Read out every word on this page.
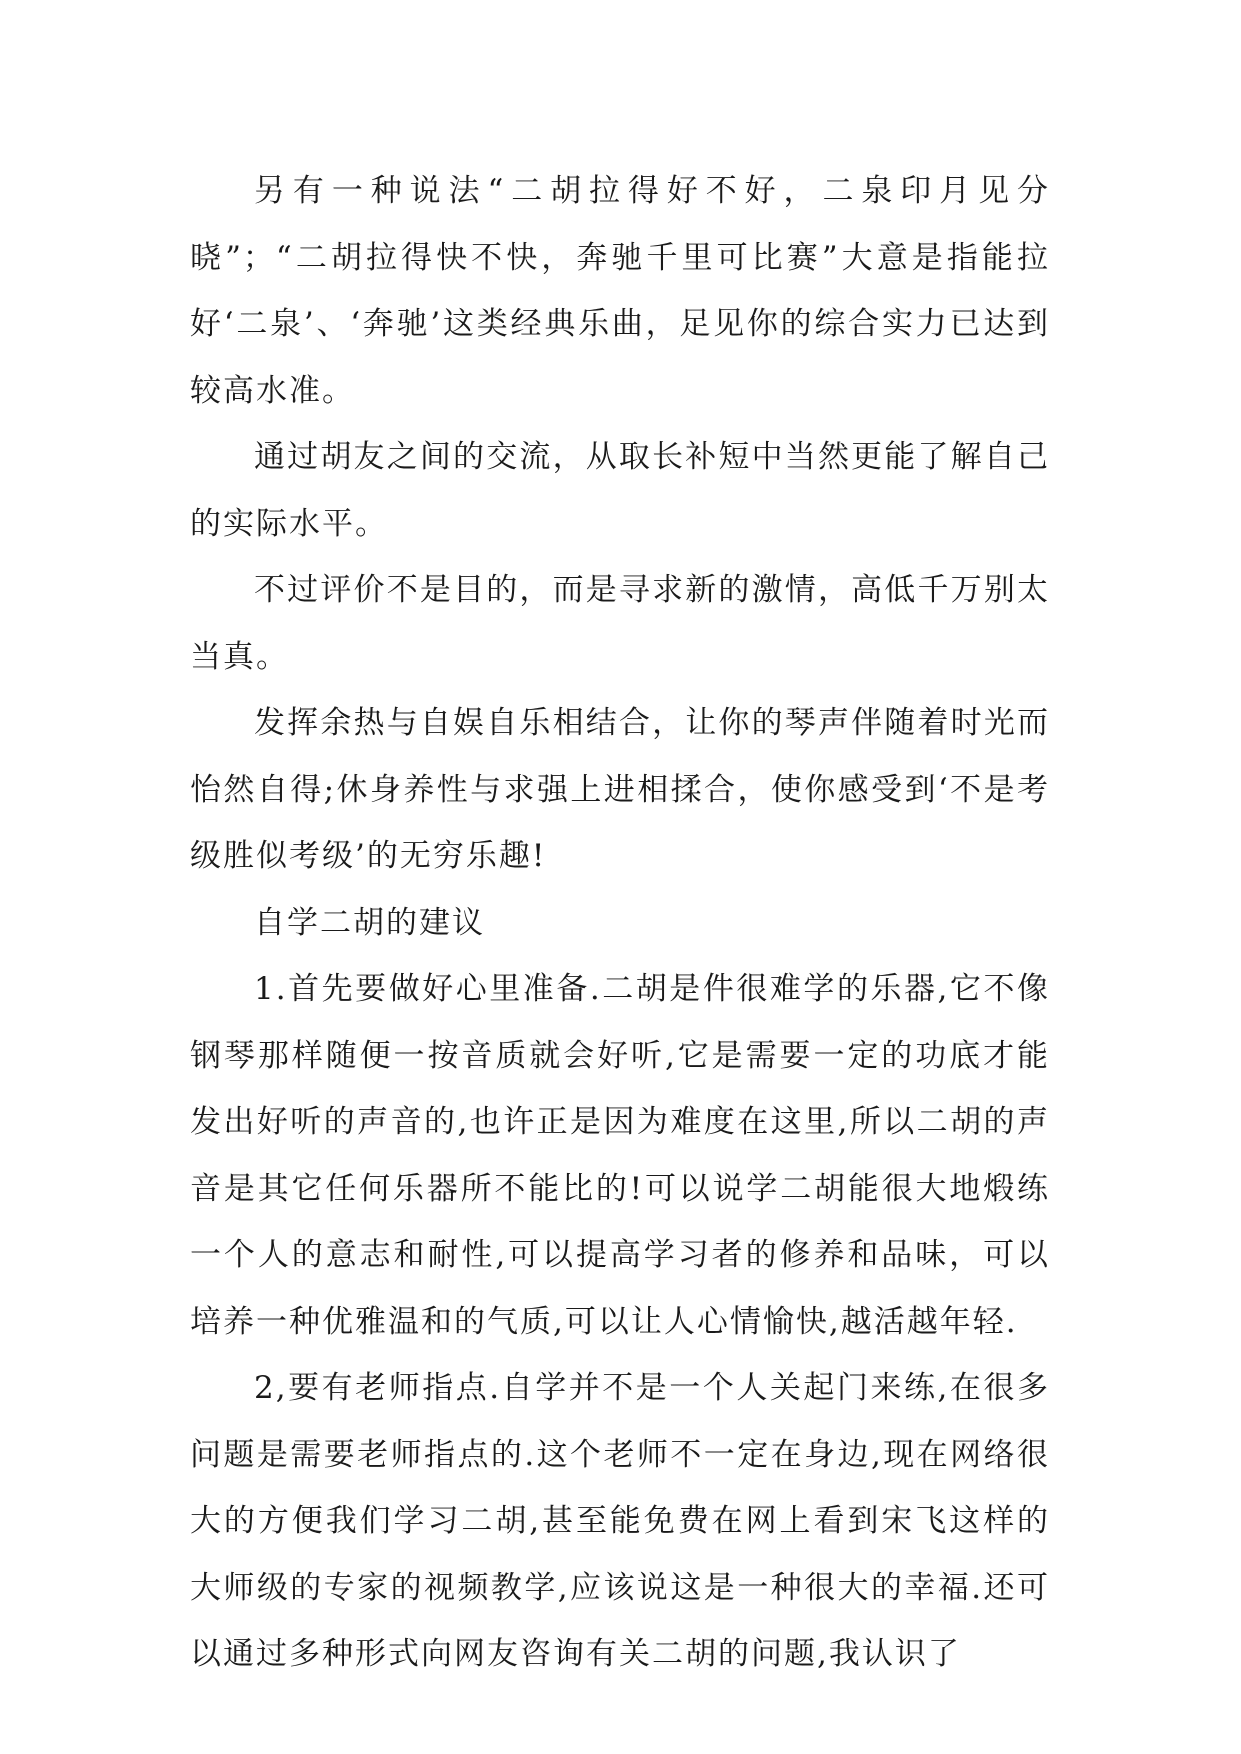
另有一种说法“二胡拉得好不好，二泉印月见分晓”；“二胡拉得快不快，奔驰千里可比赛”大意是指能拉好‘二泉’、‘奔驰’这类经典乐曲，足见你的综合实力已达到较高水准。

通过胡友之间的交流，从取长补短中当然更能了解自己的实际水平。

不过评价不是目的，而是寻求新的激情，高低千万别太当真。

发挥余热与自娱自乐相结合，让你的琴声伴随着时光而怡然自得;休身养性与求强上进相揉合，使你感受到‘不是考级胜似考级’的无穷乐趣!

自学二胡的建议

1.首先要做好心里准备.二胡是件很难学的乐器,它不像钢琴那样随便一按音质就会好听,它是需要一定的功底才能发出好听的声音的,也许正是因为难度在这里,所以二胡的声音是其它任何乐器所不能比的!可以说学二胡能很大地煅练一个人的意志和耐性,可以提高学习者的修养和品味，可以培养一种优雅温和的气质,可以让人心情愉快,越活越年轻.

2,要有老师指点.自学并不是一个人关起门来练,在很多问题是需要老师指点的.这个老师不一定在身边,现在网络很大的方便我们学习二胡,甚至能免费在网上看到宋飞这样的大师级的专家的视频教学,应该说这是一种很大的幸福.还可以通过多种形式向网友咨询有关二胡的问题,我认识了
